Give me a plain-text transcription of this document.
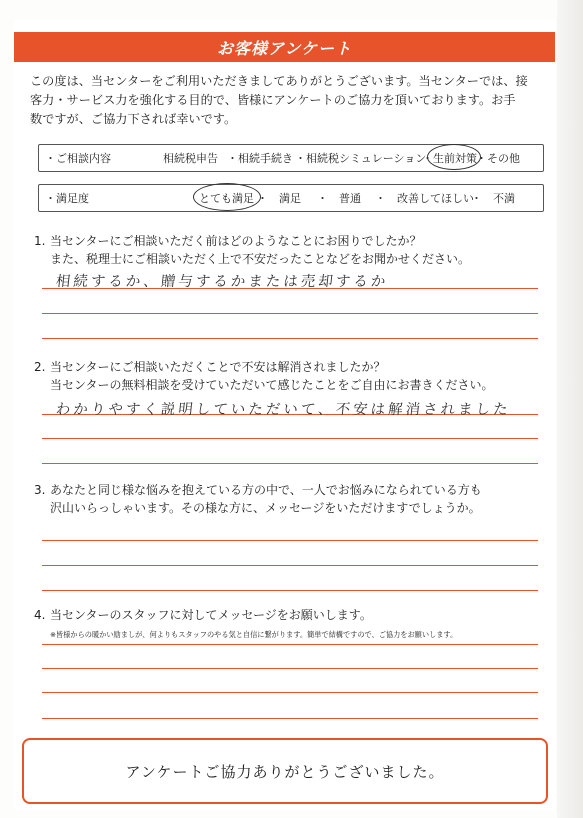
お客様アンケート
この度は、当センターをご利用いただきましてありがとうございます。当センターでは、接
客力・サービス力を強化する目的で、皆様にアンケートのご協力を頂いております。お手
数ですが、ご協力下されば幸いです。
・ご相談内容	相続税申告 ・相続手続き ・相続税シミュレーション
・生前対策 ・その他
・満足度	とても満足 ・　満足 ・　普通 ・　改善してほしい
・　不満
1. 当センターにご相談いただく前はどのようなことにお困りでしたか？
また、税理士にご相談いただく上で不安だったことなどをお聞かせください。
相続するか、贈与するかまたは売却するか
2. 当センターにご相談いただくことで不安は解消されましたか？
当センターの無料相談を受けていただいて感じたことをご自由にお書きください。
わかりやすく説明していただいて、不安は解消されました
3. あなたと同じ様な悩みを抱えている方の中で、一人でお悩みになられている方も
沢山いらっしゃいます。その様な方に、メッセージをいただけますでしょうか。
4. 当センターのスタッフに対してメッセージをお願いします。
※皆様からの暖かい励ましが、何よりもスタッフのやる気と自信に繋がります。簡単で結構ですので、ご協力をお願いします。
アンケートご協力ありがとうございました。
